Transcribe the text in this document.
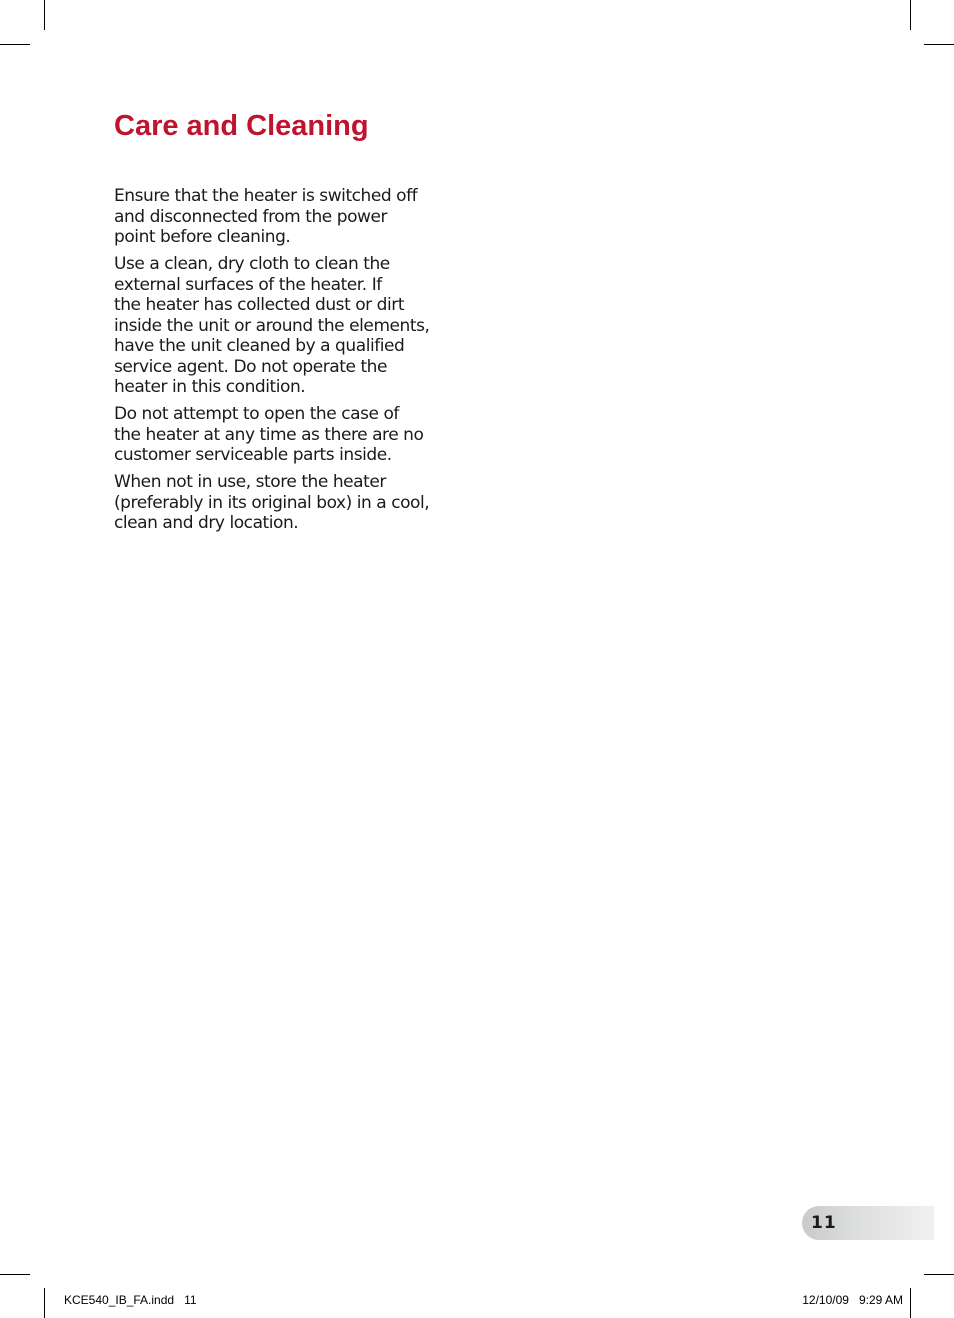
Care and Cleaning

Ensure that the heater is switched off
and disconnected from the power
point before cleaning.

Use a clean, dry cloth to clean the
external surfaces of the heater. If
the heater has collected dust or dirt
inside the unit or around the elements,
have the unit cleaned by a qualified
service agent. Do not operate the
heater in this condition.

Do not attempt to open the case of
the heater at any time as there are no
customer serviceable parts inside.

When not in use, store the heater
(preferably in its original box) in a cool,
clean and dry location.

11
KCE540_IB_FA.indd   11	12/10/09   9:29 AM
